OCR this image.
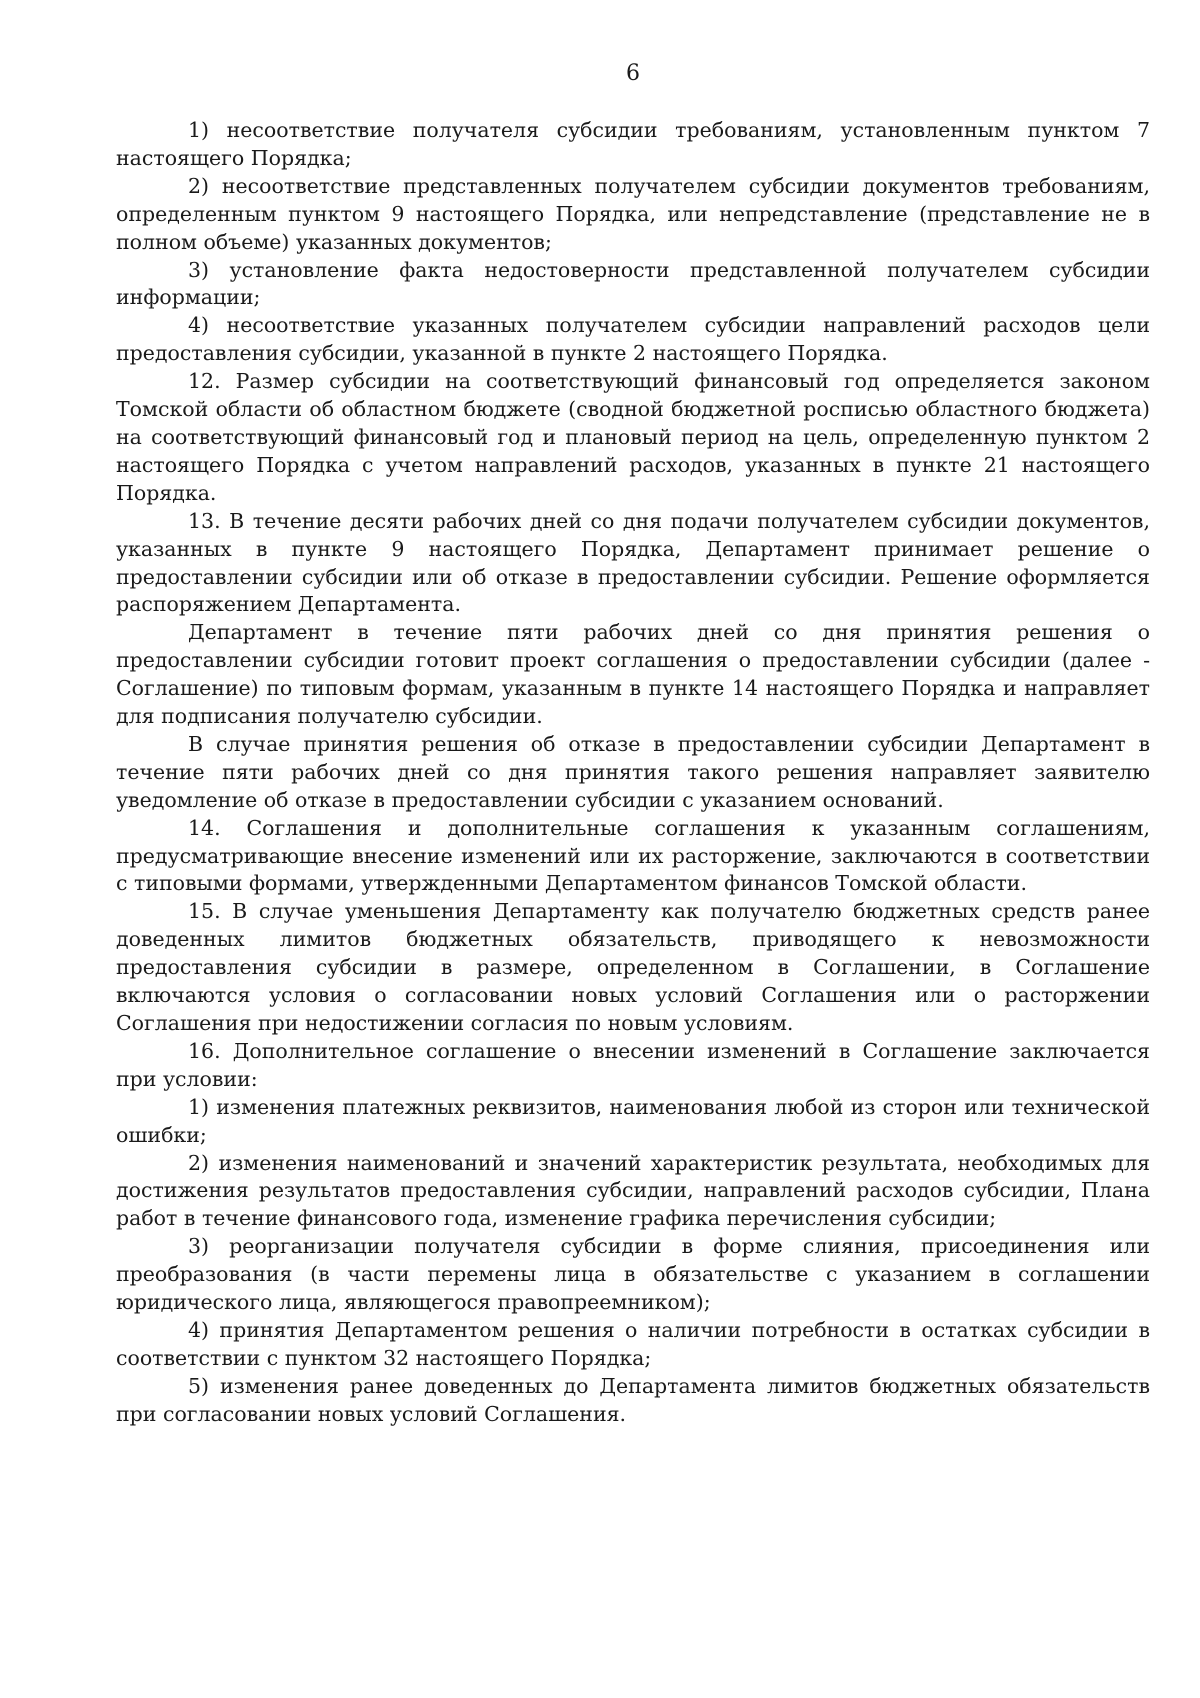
6

1) несоответствие получателя субсидии требованиям, установленным пунктом 7 настоящего Порядка;

2) несоответствие представленных получателем субсидии документов требованиям, определенным пунктом 9 настоящего Порядка, или непредставление (представление не в полном объеме) указанных документов;

3) установление факта недостоверности представленной получателем субсидии информации;

4) несоответствие указанных получателем субсидии направлений расходов цели предоставления субсидии, указанной в пункте 2 настоящего Порядка.

12. Размер субсидии на соответствующий финансовый год определяется законом Томской области об областном бюджете (сводной бюджетной росписью областного бюджета) на соответствующий финансовый год и плановый период на цель, определенную пунктом 2 настоящего Порядка с учетом направлений расходов, указанных в пункте 21 настоящего Порядка.

13. В течение десяти рабочих дней со дня подачи получателем субсидии документов, указанных в пункте 9 настоящего Порядка, Департамент принимает решение о предоставлении субсидии или об отказе в предоставлении субсидии. Решение оформляется распоряжением Департамента.

Департамент в течение пяти рабочих дней со дня принятия решения о предоставлении субсидии готовит проект соглашения о предоставлении субсидии (далее - Соглашение) по типовым формам, указанным в пункте 14 настоящего Порядка и направляет для подписания получателю субсидии.

В случае принятия решения об отказе в предоставлении субсидии Департамент в течение пяти рабочих дней со дня принятия такого решения направляет заявителю уведомление об отказе в предоставлении субсидии с указанием оснований.

14. Соглашения и дополнительные соглашения к указанным соглашениям, предусматривающие внесение изменений или их расторжение, заключаются в соответствии с типовыми формами, утвержденными Департаментом финансов Томской области.

15. В случае уменьшения Департаменту как получателю бюджетных средств ранее доведенных лимитов бюджетных обязательств, приводящего к невозможности предоставления субсидии в размере, определенном в Соглашении, в Соглашение включаются условия о согласовании новых условий Соглашения или о расторжении Соглашения при недостижении согласия по новым условиям.

16. Дополнительное соглашение о внесении изменений в Соглашение заключается при условии:

1) изменения платежных реквизитов, наименования любой из сторон или технической ошибки;

2) изменения наименований и значений характеристик результата, необходимых для достижения результатов предоставления субсидии, направлений расходов субсидии, Плана работ в течение финансового года, изменение графика перечисления субсидии;

3) реорганизации получателя субсидии в форме слияния, присоединения или преобразования (в части перемены лица в обязательстве с указанием в соглашении юридического лица, являющегося правопреемником);

4) принятия Департаментом решения о наличии потребности в остатках субсидии в соответствии с пунктом 32 настоящего Порядка;

5) изменения ранее доведенных до Департамента лимитов бюджетных обязательств при согласовании новых условий Соглашения.
